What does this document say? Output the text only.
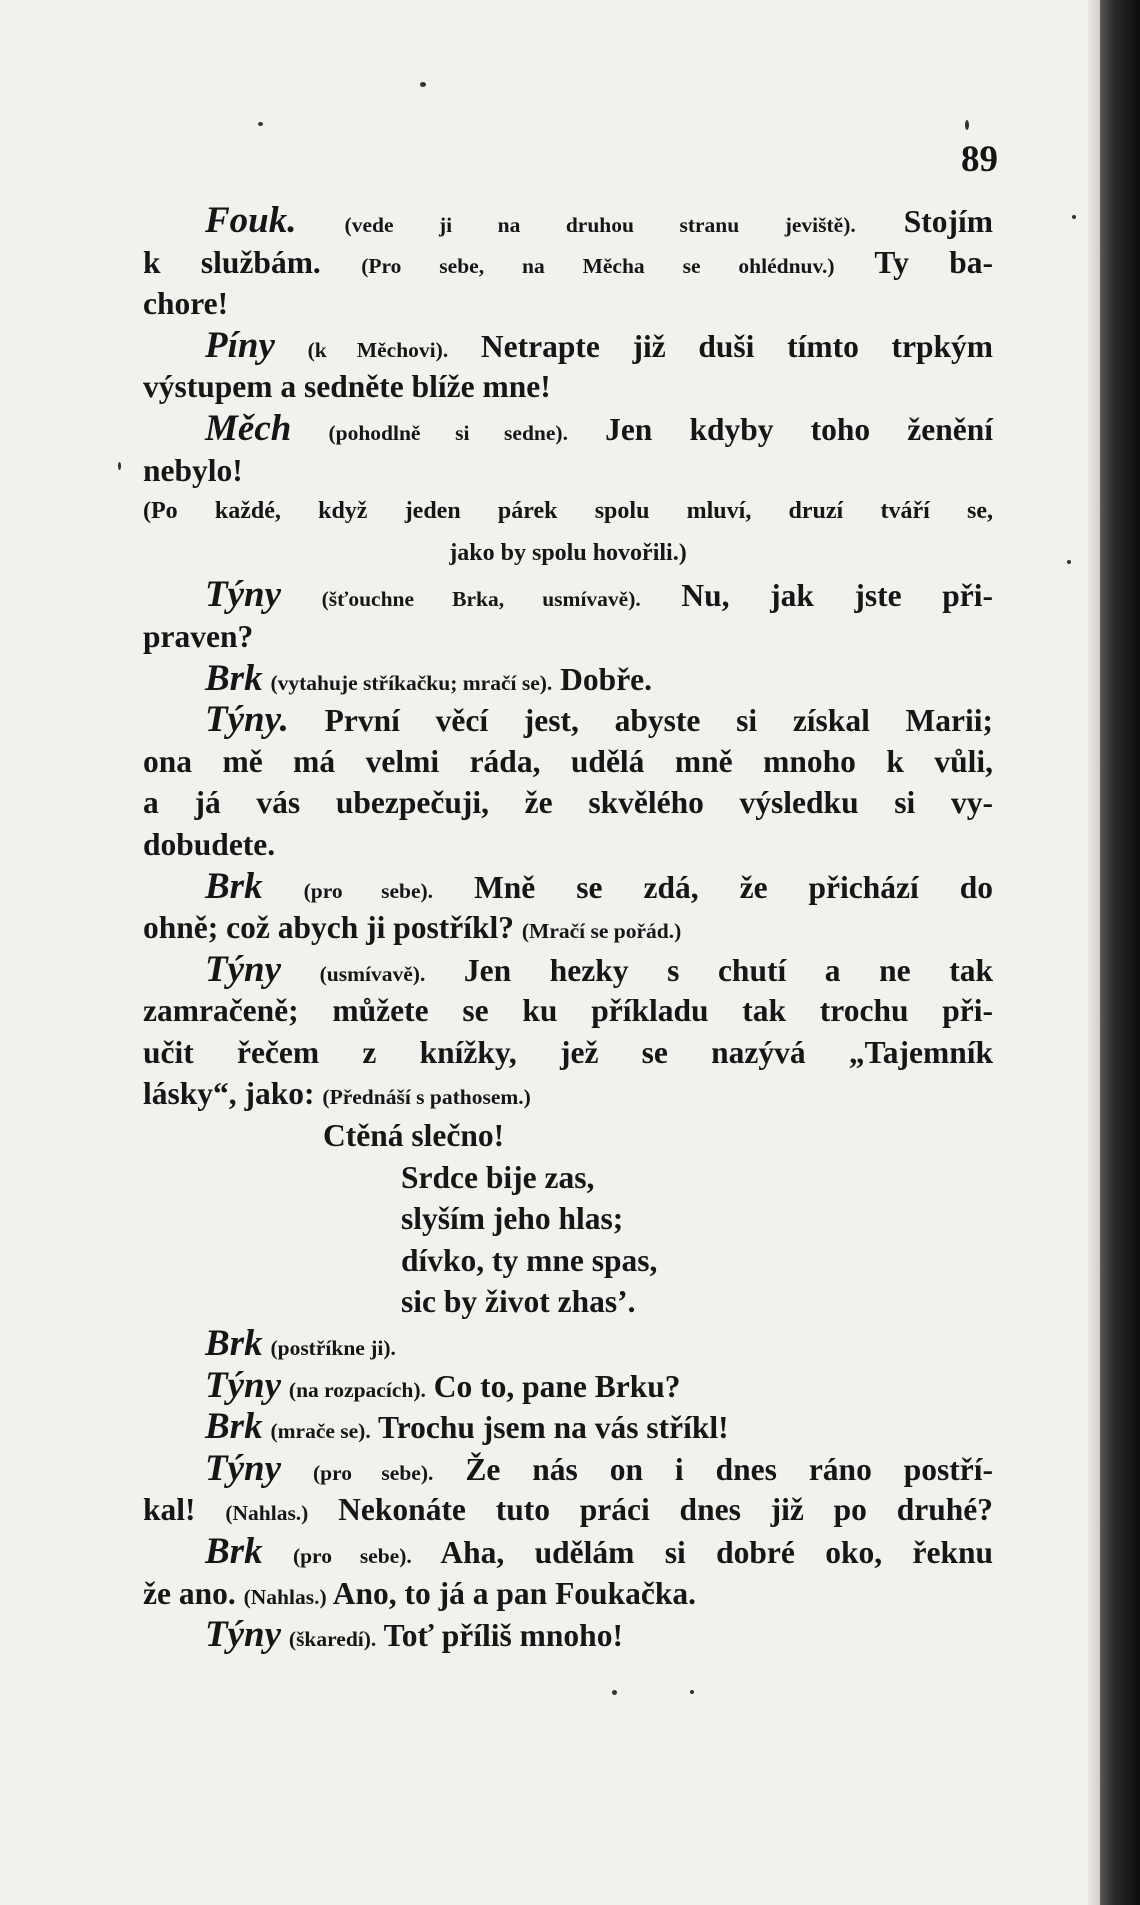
89
Fouk. (vede ji na druhou stranu jeviště). Stojím
k službám. (Pro sebe, na Měcha se ohlédnuv.) Ty ba-
chore!
Píny (k Měchovi). Netrapte již duši tímto trpkým
výstupem a sedněte blíže mne!
Měch (pohodlně si sedne). Jen kdyby toho ženění
nebylo!
(Po každé, když jeden párek spolu mluví, druzí tváří se,
jako by spolu hovořili.)
Týny (šťouchne Brka, usmívavě). Nu, jak jste při-
praven?
Brk (vytahuje stříkačku; mračí se). Dobře.
Týny. První věcí jest, abyste si získal Marii;
ona mě má velmi ráda, udělá mně mnoho k vůli,
a já vás ubezpečuji, že skvělého výsledku si vy-
dobudete.
Brk (pro sebe). Mně se zdá, že přichází do
ohně; což abych ji postříkl? (Mračí se pořád.)
Týny (usmívavě). Jen hezky s chutí a ne tak
zamračeně; můžete se ku příkladu tak trochu při-
učit řečem z knížky, jež se nazývá „Tajemník
lásky“, jako: (Přednáší s pathosem.)
Ctěná slečno!
Srdce bije zas,
slyším jeho hlas;
dívko, ty mne spas,
sic by život zhas’.
Brk (postříkne ji).
Týny (na rozpacích). Co to, pane Brku?
Brk (mrače se). Trochu jsem na vás stříkl!
Týny (pro sebe). Že nás on i dnes ráno postří-
kal! (Nahlas.) Nekonáte tuto práci dnes již po druhé?
Brk (pro sebe). Aha, udělám si dobré oko, řeknu
že ano. (Nahlas.) Ano, to já a pan Foukačka.
Týny (škaredí). Toť příliš mnoho!
